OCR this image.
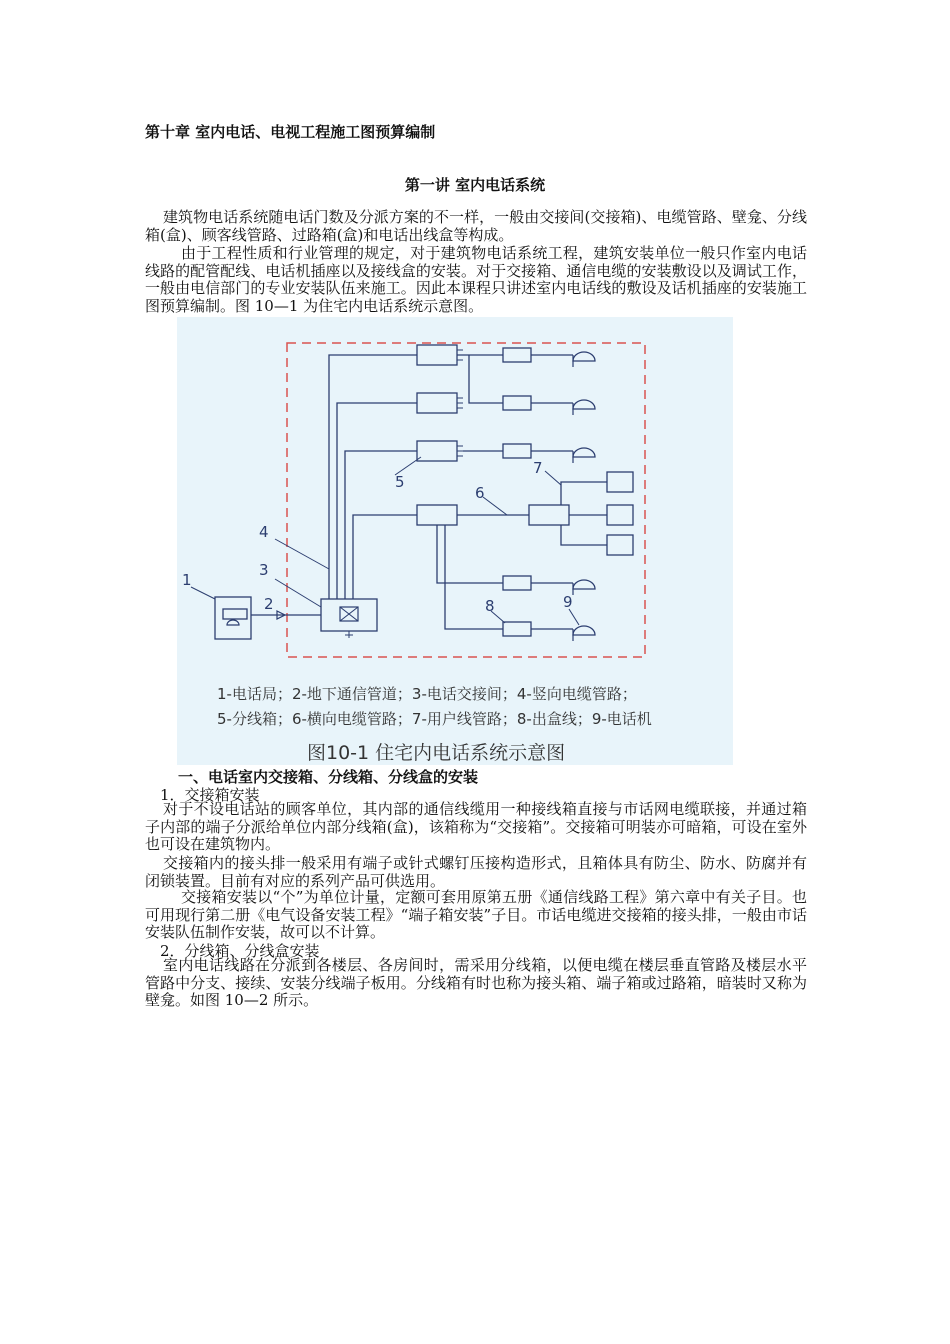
第十章 室内电话、电视工程施工图预算编制
第一讲 室内电话系统
建筑物电话系统随电话门数及分派方案的不一样，一般由交接间(交接箱)、电缆管路、壁龛、分线箱(盒)、顾客线管路、过路箱(盒)和电话出线盒等构成。
由于工程性质和行业管理的规定，对于建筑物电话系统工程，建筑安装单位一般只作室内电话线路的配管配线、电话机插座以及接线盒的安装。对于交接箱、通信电缆的安装敷设以及调试工作，一般由电信部门的专业安装队伍来施工。因此本课程只讲述室内电话线的敷设及话机插座的安装施工图预算编制。图 10—1 为住宅内电话系统示意图。
1
2
3
4
5
6
7
8	9
1-电话局；2-地下通信管道；3-电话交接间；4-竖向电缆管路；
5-分线箱；6-横向电缆管路；7-用户线管路；8-出盒线；9-电话机
图10-1 住宅内电话系统示意图
一、电话室内交接箱、分线箱、分线盒的安装
1．交接箱安装
对于不设电话站的顾客单位，其内部的通信线缆用一种接线箱直接与市话网电缆联接，并通过箱子内部的端子分派给单位内部分线箱(盒)，该箱称为“交接箱”。交接箱可明装亦可暗箱，可设在室外也可设在建筑物内。
交接箱内的接头排一般采用有端子或针式螺钉压接构造形式，且箱体具有防尘、防水、防腐并有闭锁装置。目前有对应的系列产品可供选用。
交接箱安装以“个”为单位计量，定额可套用原第五册《通信线路工程》第六章中有关子目。也可用现行第二册《电气设备安装工程》“端子箱安装”子目。市话电缆进交接箱的接头排，一般由市话安装队伍制作安装，故可以不计算。
2．分线箱、分线盒安装
室内电话线路在分派到各楼层、各房间时，需采用分线箱，以便电缆在楼层垂直管路及楼层水平管路中分支、接续、安装分线端子板用。分线箱有时也称为接头箱、端子箱或过路箱，暗装时又称为壁龛。如图 10—2 所示。
